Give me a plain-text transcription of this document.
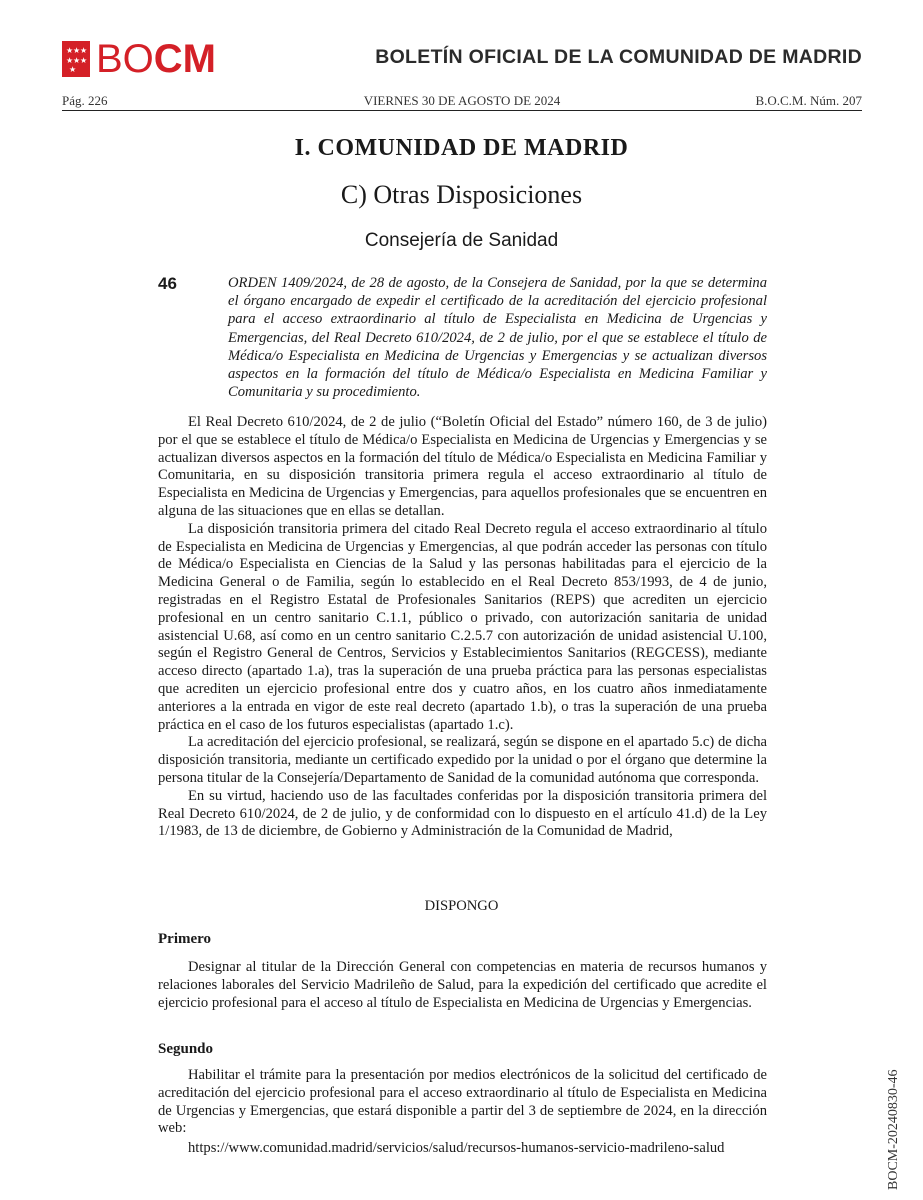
★ ★ ★
★ ★ ★
★ BOCM	BOLETÍN OFICIAL DE LA COMUNIDAD DE MADRID
VIERNES 30 DE AGOSTO DE 2024
Pág. 226	B.O.C.M. Núm. 207
I. COMUNIDAD DE MADRID
C) Otras Disposiciones
Consejería de Sanidad
46	ORDEN 1409/2024, de 28 de agosto, de la Consejera de Sanidad, por la que se determina el órgano encargado de expedir el certificado de la acreditación del ejercicio profesional para el acceso extraordinario al título de Especialista en Medicina de Urgencias y Emergencias, del Real Decreto 610/2024, de 2 de julio, por el que se establece el título de Médica/o Especialista en Medicina de Urgencias y Emergencias y se actualizan diversos aspectos en la formación del título de Médica/o Especialista en Medicina Familiar y Comunitaria y su procedimiento.

El Real Decreto 610/2024, de 2 de julio (“Boletín Oficial del Estado” número 160, de 3 de julio) por el que se establece el título de Médica/o Especialista en Medicina de Urgencias y Emergencias y se actualizan diversos aspectos en la formación del título de Médica/o Especialista en Medicina Familiar y Comunitaria, en su disposición transitoria primera regula el acceso extraordinario al título de Especialista en Medicina de Urgencias y Emergencias, para aquellos profesionales que se encuentren en alguna de las situaciones que en ellas se detallan.

La disposición transitoria primera del citado Real Decreto regula el acceso extraordinario al título de Especialista en Medicina de Urgencias y Emergencias, al que podrán acceder las personas con título de Médica/o Especialista en Ciencias de la Salud y las personas habilitadas para el ejercicio de la Medicina General o de Familia, según lo establecido en el Real Decreto 853/1993, de 4 de junio, registradas en el Registro Estatal de Profesionales Sanitarios (REPS) que acrediten un ejercicio profesional en un centro sanitario C.1.1, público o privado, con autorización sanitaria de unidad asistencial U.68, así como en un centro sanitario C.2.5.7 con autorización de unidad asistencial U.100, según el Registro General de Centros, Servicios y Establecimientos Sanitarios (REGCESS), mediante acceso directo (apartado 1.a), tras la superación de una prueba práctica para las personas especialistas que acrediten un ejercicio profesional entre dos y cuatro años, en los cuatro años inmediatamente anteriores a la entrada en vigor de este real decreto (apartado 1.b), o tras la superación de una prueba práctica en el caso de los futuros especialistas (apartado 1.c).

La acreditación del ejercicio profesional, se realizará, según se dispone en el apartado 5.c) de dicha disposición transitoria, mediante un certificado expedido por la unidad o por el órgano que determine la persona titular de la Consejería/Departamento de Sanidad de la comunidad autónoma que corresponda.

En su virtud, haciendo uso de las facultades conferidas por la disposición transitoria primera del Real Decreto 610/2024, de 2 de julio, y de conformidad con lo dispuesto en el artículo 41.d) de la Ley 1/1983, de 13 de diciembre, de Gobierno y Administración de la Comunidad de Madrid,

DISPONGO
Primero

Designar al titular de la Dirección General con competencias en materia de recursos humanos y relaciones laborales del Servicio Madrileño de Salud, para la expedición del certificado que acredite el ejercicio profesional para el acceso al título de Especialista en Medicina de Urgencias y Emergencias.

Segundo

Habilitar el trámite para la presentación por medios electrónicos de la solicitud del certificado de acreditación del ejercicio profesional para el acceso extraordinario al título de Especialista en Medicina de Urgencias y Emergencias, que estará disponible a partir del 3 de septiembre de 2024, en la dirección web:

https://www.comunidad.madrid/servicios/salud/recursos-humanos-servicio-madrileno-salud	BOCM-20240830-46
